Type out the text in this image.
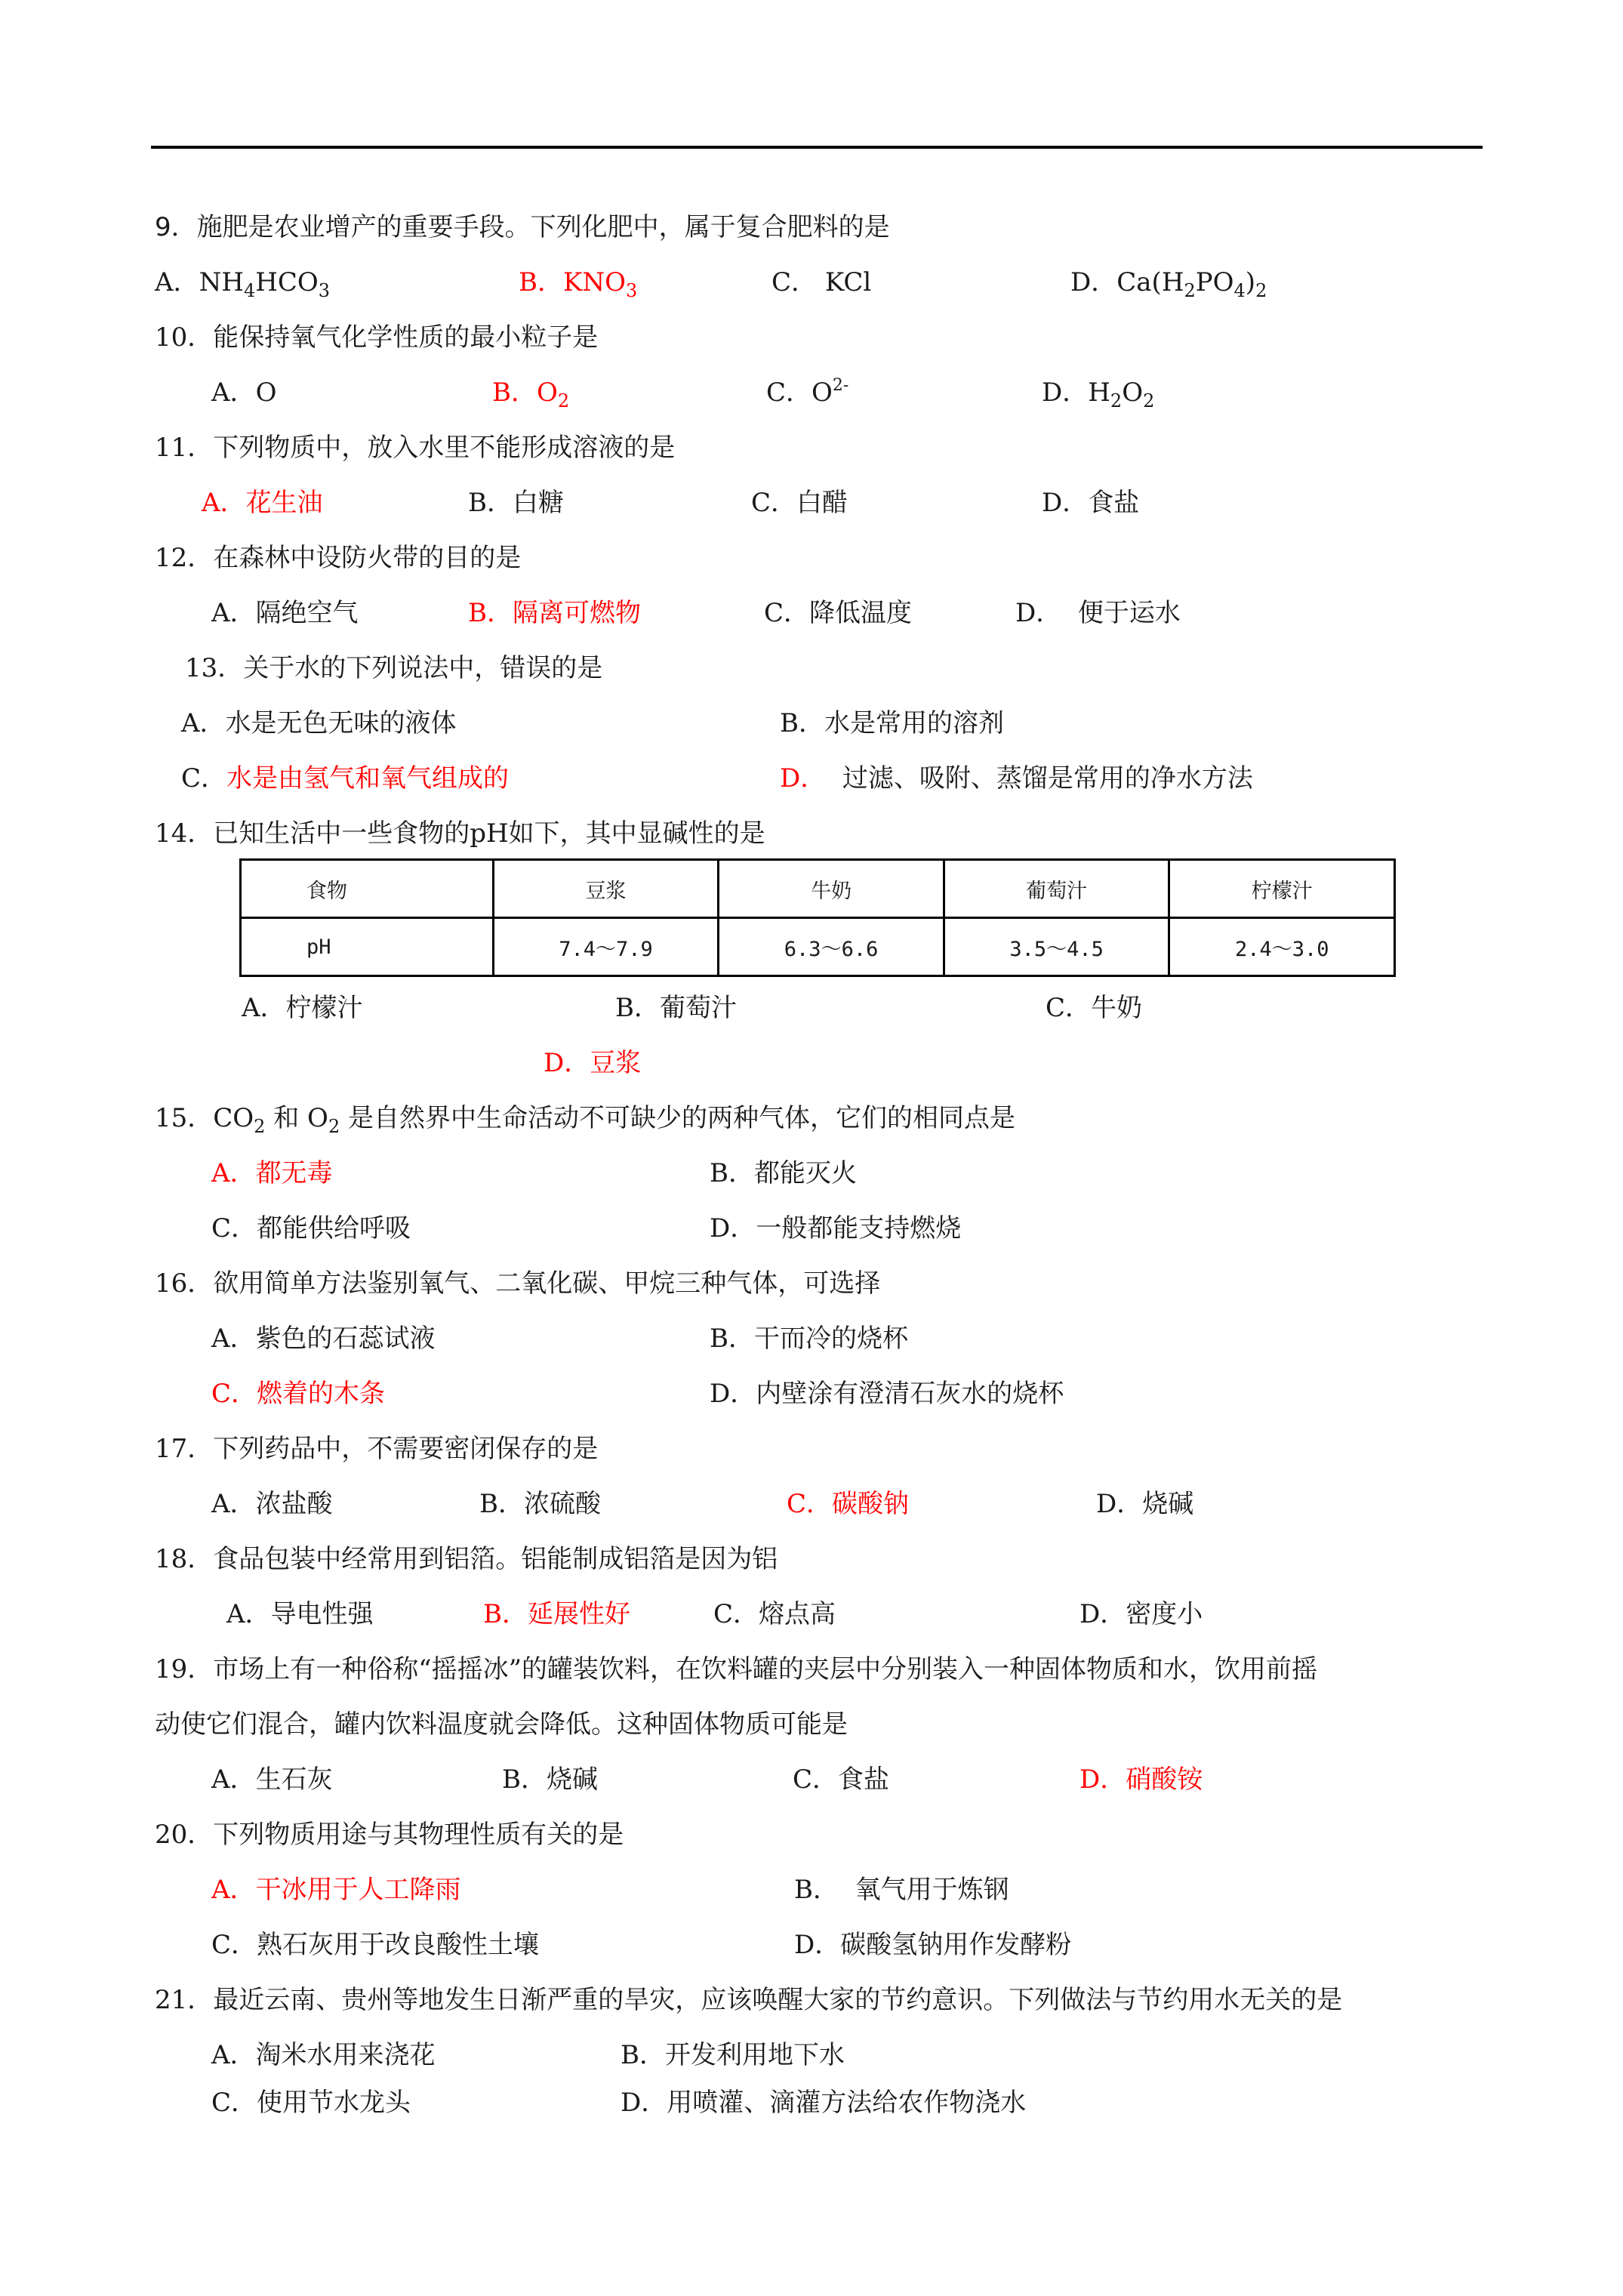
9．施肥是农业增产的重要手段。下列化肥中，属于复合肥料的是
A．$NH_4HCO_3$	B．$KNO_3$	C． KCl	D．$Ca(H_2PO_4)_2$
10．能保持氧气化学性质的最小粒子是
A．O	B．$O_2$	C．$O^{2-}$	D．$H_2O_2$
11．下列物质中，放入水里不能形成溶液的是
A．花生油	B．白糖	C．白醋	D．食盐
12．在森林中设防火带的目的是
A．隔绝空气	B．隔离可燃物	C．降低温度	D． 便于运水
13．关于水的下列说法中，错误的是
A．水是无色无味的液体	B．水是常用的溶剂
C．水是由氢气和氧气组成的	D． 过滤、吸附、蒸馏是常用的净水方法
14．已知生活中一些食物的pH如下，其中显碱性的是
食物	豆浆	牛奶	葡萄汁	柠檬汁
pH	7.4～7.9	6.3～6.6	3.5～4.5	2.4～3.0
A．柠檬汁	B．葡萄汁	C．牛奶
D．豆浆
15．$CO_2$ 和 $O_2$ 是自然界中生命活动不可缺少的两种气体，它们的相同点是
A．都无毒	B．都能灭火
C．都能供给呼吸	D．一般都能支持燃烧
16．欲用简单方法鉴别氧气、二氧化碳、甲烷三种气体，可选择
A．紫色的石蕊试液	B．干而冷的烧杯
C．燃着的木条	D．内壁涂有澄清石灰水的烧杯
17．下列药品中，不需要密闭保存的是
A．浓盐酸	B．浓硫酸	C．碳酸钠	D．烧碱
18．食品包装中经常用到铝箔。铝能制成铝箔是因为铝
A．导电性强	B．延展性好	C．熔点高	D．密度小
19．市场上有一种俗称“摇摇冰”的罐装饮料，在饮料罐的夹层中分别装入一种固体物质和水，饮用前摇
动使它们混合，罐内饮料温度就会降低。这种固体物质可能是
A．生石灰	B．烧碱	C．食盐	D．硝酸铵
20．下列物质用途与其物理性质有关的是
A．干冰用于人工降雨	B． 氧气用于炼钢
C．熟石灰用于改良酸性土壤	D．碳酸氢钠用作发酵粉
21．最近云南、贵州等地发生日渐严重的旱灾，应该唤醒大家的节约意识。下列做法与节约用水无关的是
A．淘米水用来浇花	B．开发利用地下水
C．使用节水龙头	D．用喷灌、滴灌方法给农作物浇水
